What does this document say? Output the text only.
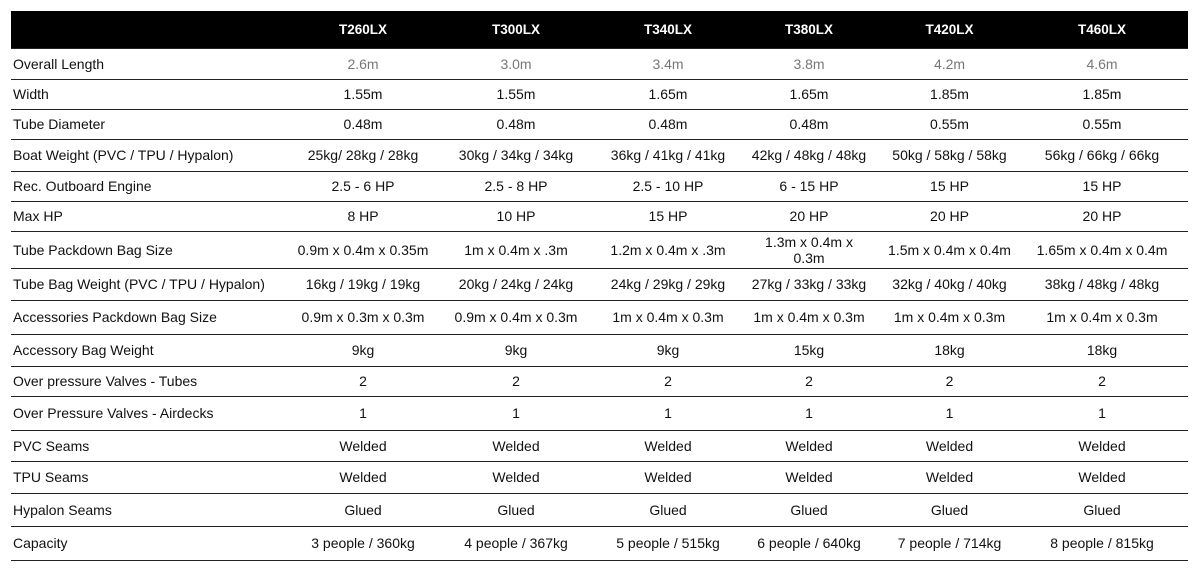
	T260LX	T300LX	T340LX	T380LX	T420LX	T460LX
Overall Length	2.6m	3.0m	3.4m	3.8m	4.2m	4.6m
Width	1.55m	1.55m	1.65m	1.65m	1.85m	1.85m
Tube Diameter	0.48m	0.48m	0.48m	0.48m	0.55m	0.55m
Boat Weight (PVC / TPU / Hypalon)	25kg/ 28kg / 28kg	30kg / 34kg / 34kg	36kg / 41kg / 41kg	42kg / 48kg / 48kg	50kg / 58kg / 58kg	56kg / 66kg / 66kg
Rec. Outboard Engine	2.5 - 6 HP	2.5 - 8 HP	2.5 - 10 HP	6 - 15 HP	15 HP	15 HP
Max HP	8 HP	10 HP	15 HP	20 HP	20 HP	20 HP
Tube Packdown Bag Size	0.9m x 0.4m x 0.35m	1m x 0.4m x .3m	1.2m x 0.4m x .3m	1.3m x 0.4m x 0.3m	1.5m x 0.4m x 0.4m	1.65m x 0.4m x 0.4m
Tube Bag Weight (PVC / TPU / Hypalon)	16kg / 19kg / 19kg	20kg / 24kg / 24kg	24kg / 29kg / 29kg	27kg / 33kg / 33kg	32kg / 40kg / 40kg	38kg / 48kg / 48kg
Accessories Packdown Bag Size	0.9m x 0.3m x 0.3m	0.9m x 0.4m x 0.3m	1m x 0.4m x 0.3m	1m x 0.4m x 0.3m	1m x 0.4m x 0.3m	1m x 0.4m x 0.3m
Accessory Bag Weight	9kg	9kg	9kg	15kg	18kg	18kg
Over pressure Valves - Tubes	2	2	2	2	2	2
Over Pressure Valves - Airdecks	1	1	1	1	1	1
PVC Seams	Welded	Welded	Welded	Welded	Welded	Welded
TPU Seams	Welded	Welded	Welded	Welded	Welded	Welded
Hypalon Seams	Glued	Glued	Glued	Glued	Glued	Glued
Capacity	3 people / 360kg	4 people / 367kg	5 people / 515kg	6 people / 640kg	7 people / 714kg	8 people / 815kg
